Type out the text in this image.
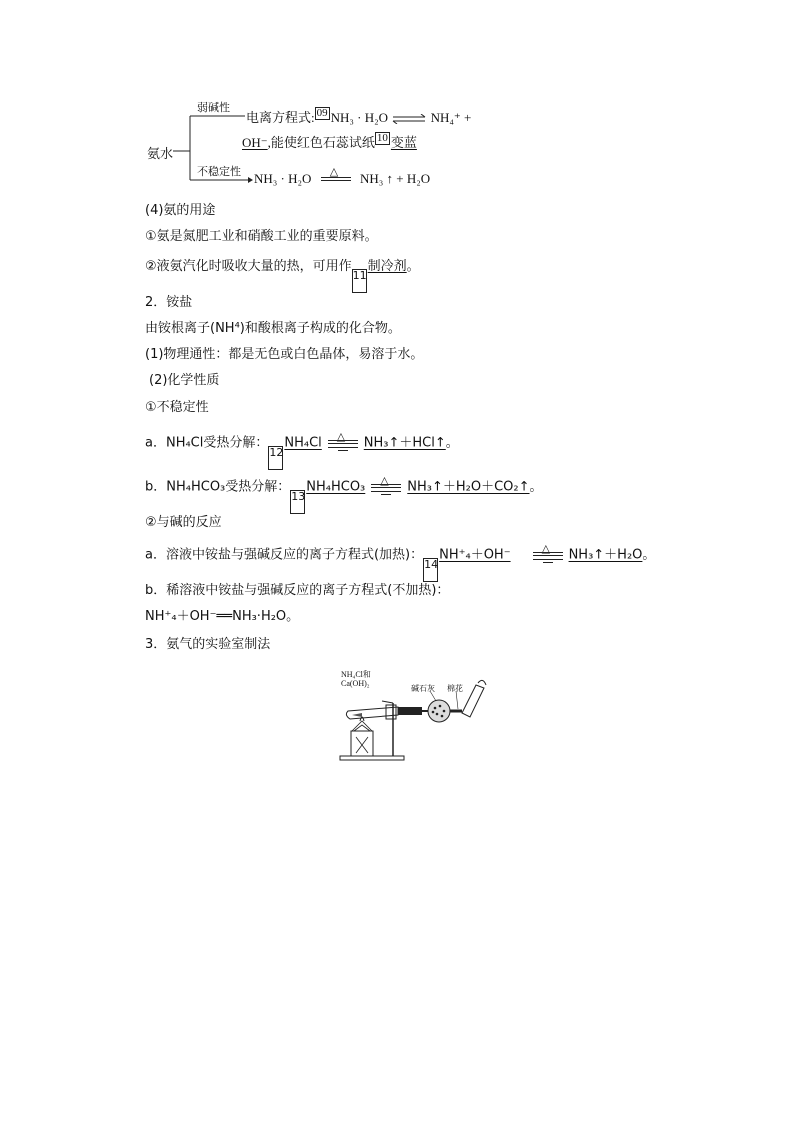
氨水
弱碱性
不稳定性
电离方程式: 09 NH₃ · H₂O ⇌ NH₄⁺ +
OH⁻,能使红色石蕊试纸 10 变蓝
NH₃ · H₂O △ NH₃ ↑ + H₂O
(4)氨的用途
①氨是氮肥工业和硝酸工业的重要原料。
②液氨汽化时吸收大量的热，可用作11制冷剂。
2．铵盐
由铵根离子(NH⁴)和酸根离子构成的化合物。
(1)物理通性：都是无色或白色晶体，易溶于水。
(2)化学性质
①不稳定性
a．NH₄Cl受热分解：12NH₄Cl △ NH₃↑＋HCl↑。
b．NH₄HCO₃受热分解：13NH₄HCO₃ △ NH₃↑＋H₂O＋CO₂↑。
②与碱的反应
a．溶液中铵盐与强碱反应的离子方程式(加热)：14NH⁺₄＋OH⁻	△ NH₃↑＋H₂O。
b．稀溶液中铵盐与强碱反应的离子方程式(不加热)：
NH⁺₄＋OH⁻══NH₃·H₂O。
3．氨气的实验室制法
NH₄Cl和
Ca(OH)₂
碱石灰 棉花
